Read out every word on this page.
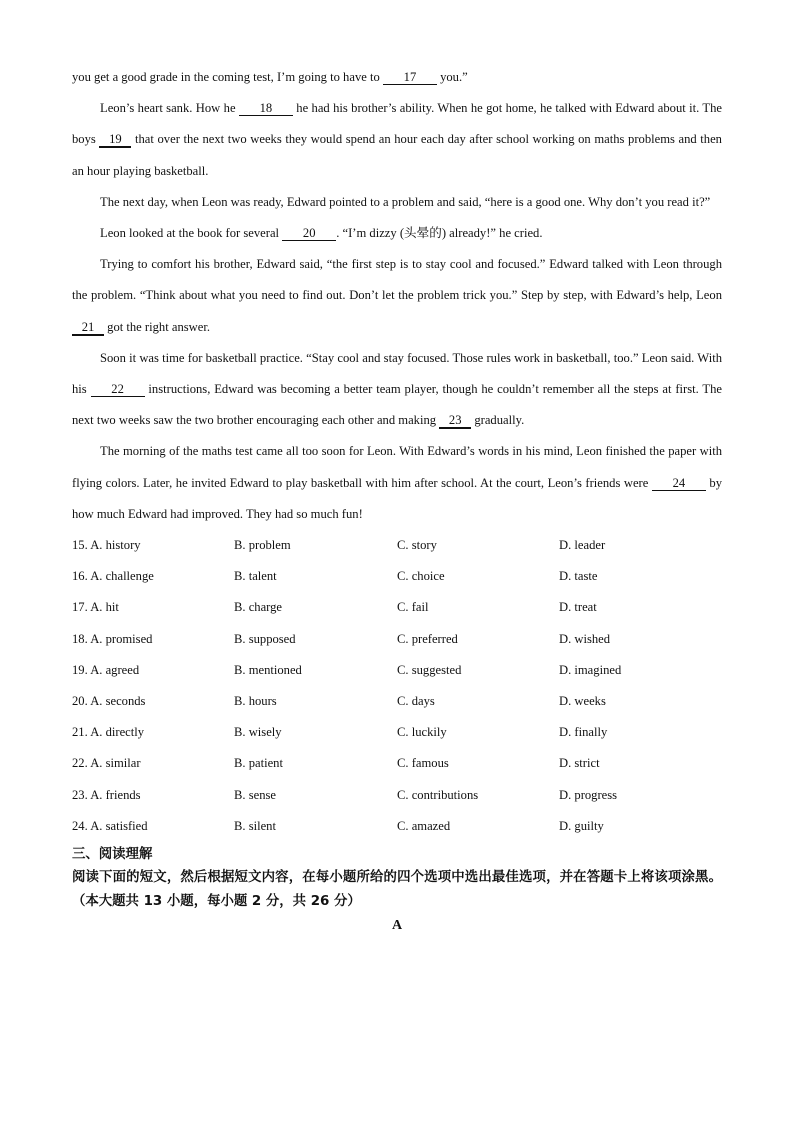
you get a good grade in the coming test, I’m going to have to 17 you.”

Leon’s heart sank. How he 18 he had his brother’s ability. When he got home, he talked with Edward about it. The boys 19 that over the next two weeks they would spend an hour each day after school working on maths problems and then an hour playing basketball.

The next day, when Leon was ready, Edward pointed to a problem and said, “here is a good one. Why don’t you read it?”

Leon looked at the book for several 20 . “I’m dizzy (头晕的) already!” he cried.

Trying to comfort his brother, Edward said, “the first step is to stay cool and focused.” Edward talked with Leon through the problem. “Think about what you need to find out. Don’t let the problem trick you.” Step by step, with Edward’s help, Leon 21 got the right answer.

Soon it was time for basketball practice. “Stay cool and stay focused. Those rules work in basketball, too.” Leon said. With his 22 instructions, Edward was becoming a better team player, though he couldn’t remember all the steps at first. The next two weeks saw the two brother encouraging each other and making 23 gradually.

The morning of the maths test came all too soon for Leon. With Edward’s words in his mind, Leon finished the paper with flying colors. Later, he invited Edward to play basketball with him after school. At the court, Leon’s friends were 24 by how much Edward had improved. They had so much fun!

15. A. history	B. problem	C. story	D. leader
16. A. challenge	B. talent	C. choice	D. taste
17. A. hit	B. charge	C. fail	D. treat
18. A. promised	B. supposed	C. preferred	D. wished
19. A. agreed	B. mentioned	C. suggested	D. imagined
20. A. seconds	B. hours	C. days	D. weeks
21. A. directly	B. wisely	C. luckily	D. finally
22. A. similar	B. patient	C. famous	D. strict
23. A. friends	B. sense	C. contributions	D. progress
24. A. satisfied	B. silent	C. amazed	D. guilty
三、阅读理解
阅读下面的短文，然后根据短文内容，在每小题所给的四个选项中选出最佳选项，并在答题卡上将该项涂黑。（本大题共 13 小题，每小题 2 分，共 26 分）
A
